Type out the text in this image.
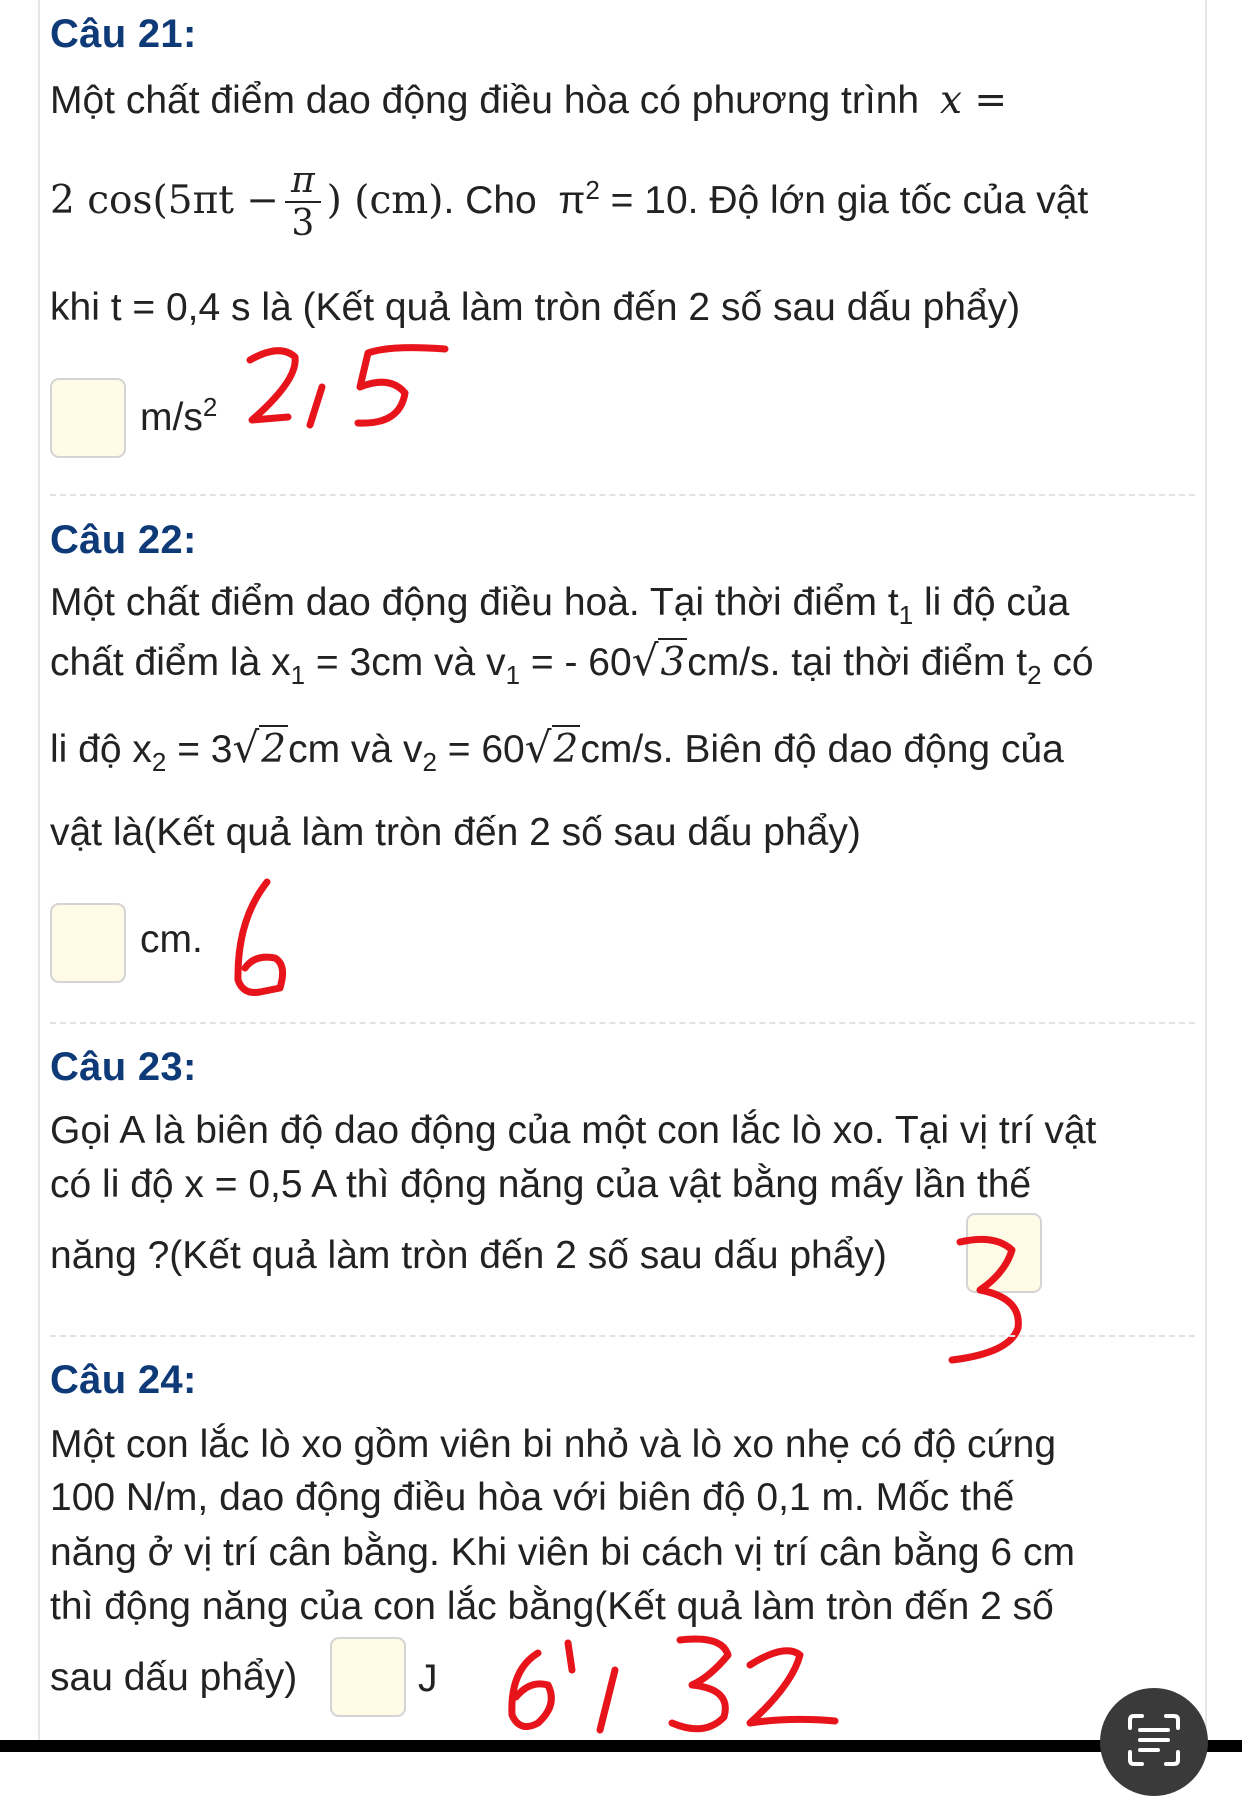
Câu 21:
Một chất điểm dao động điều hòa có phương trình x =
2 $\cos(5\pi t - \frac{\pi}{3}$ ) (cm). Cho $\pi^2 = 10$. Độ lớn gia tốc của vật
khi t = 0,4 s là (Kết quả làm tròn đến 2 số sau dấu phẩy)
$m/s^2$
Câu 22:
Một chất điểm dao động điều hoà. Tại thời điểm $t_1$ li độ của
chất điểm là $x_1 = 3cm$ và $v_1$ = - 60√3cm/s. tại thời điểm $t_2$ có
li độ $x_2 = 3√2cm$ và $v_2 = 60√2cm/s$. Biên độ dao động của
vật là(Kết quả làm tròn đến 2 số sau dấu phẩy)
cm.
Câu 23:
Gọi A là biên độ dao động của một con lắc lò xo. Tại vị trí vật
có li độ x = 0,5 A thì động năng của vật bằng mấy lần thế
năng ?(Kết quả làm tròn đến 2 số sau dấu phẩy)
Câu 24:
Một con lắc lò xo gồm viên bi nhỏ và lò xo nhẹ có độ cứng
100 N/m, dao động điều hòa với biên độ 0,1 m. Mốc thế
năng ở vị trí cân bằng. Khi viên bi cách vị trí cân bằng 6 cm
thì động năng của con lắc bằng(Kết quả làm tròn đến 2 số
sau dấu phẩy)	J
